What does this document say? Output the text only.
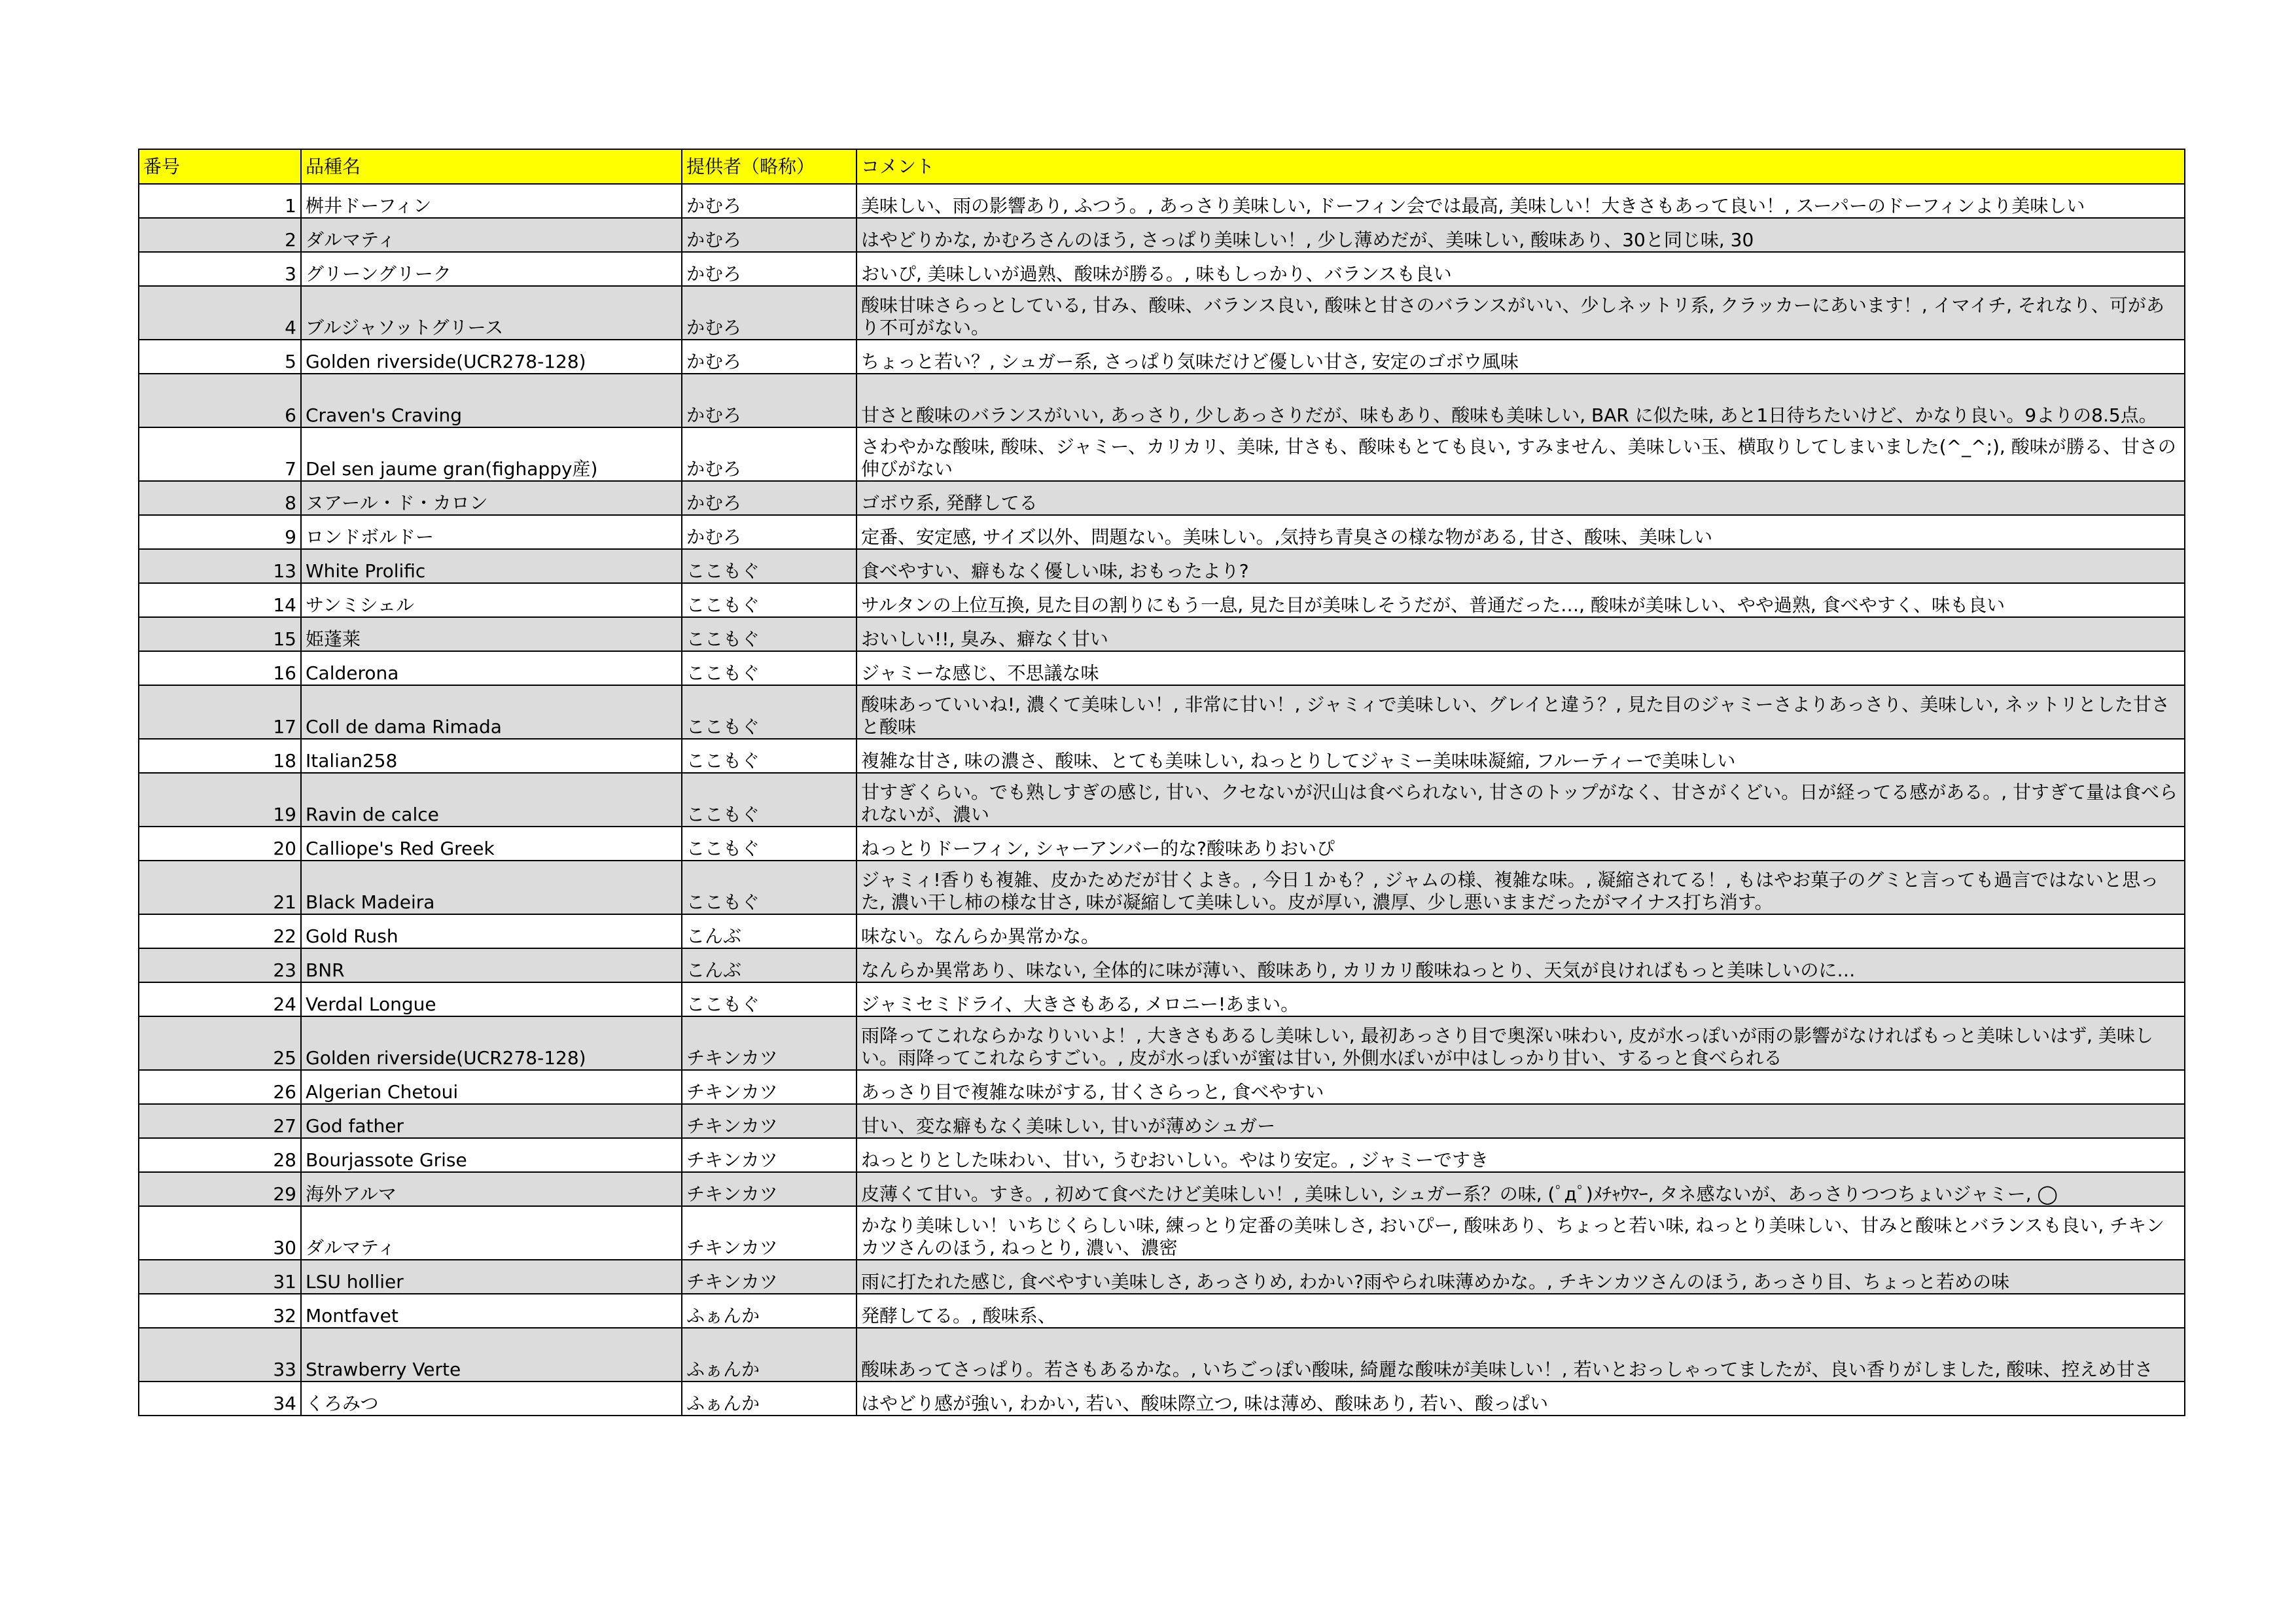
番号	品種名	提供者（略称）	コメント
1	桝井ドーフィン	かむろ	美味しい、雨の影響あり, ふつう。, あっさり美味しい, ドーフィン会では最高, 美味しい！大きさもあって良い！, スーパーのドーフィンより美味しい
2	ダルマティ	かむろ	はやどりかな, かむろさんのほう, さっぱり美味しい！, 少し薄めだが、美味しい, 酸味あり、30と同じ味, 30
3	グリーングリーク	かむろ	おいぴ, 美味しいが過熟、酸味が勝る。, 味もしっかり、バランスも良い
4	ブルジャソットグリース	かむろ	酸味甘味さらっとしている, 甘み、酸味、バランス良い, 酸味と甘さのバランスがいい、少しネットリ系, クラッカーにあいます！, イマイチ, それなり、可があり不可がない。
5	Golden riverside(UCR278-128)	かむろ	ちょっと若い？, シュガー系, さっぱり気味だけど優しい甘さ, 安定のゴボウ風味
6	Craven's Craving	かむろ	甘さと酸味のバランスがいい, あっさり, 少しあっさりだが、味もあり、酸味も美味しい, BAR に似た味, あと1日待ちたいけど、かなり良い。9よりの8.5点。
7	Del sen jaume gran(fighappy産)	かむろ	さわやかな酸味, 酸味、ジャミー、カリカリ、美味, 甘さも、酸味もとても良い, すみません、美味しい玉、横取りしてしまいました(^_^;), 酸味が勝る、甘さの伸びがない
8	ヌアール・ド・カロン	かむろ	ゴボウ系, 発酵してる
9	ロンドボルドー	かむろ	定番、安定感, サイズ以外、問題ない。美味しい。,気持ち青臭さの様な物がある, 甘さ、酸味、美味しい
13	White Prolific	ここもぐ	食べやすい、癖もなく優しい味, おもったより?
14	サンミシェル	ここもぐ	サルタンの上位互換, 見た目の割りにもう一息, 見た目が美味しそうだが、普通だった…, 酸味が美味しい、やや過熟, 食べやすく、味も良い
15	姫蓬莱	ここもぐ	おいしい!!, 臭み、癖なく甘い
16	Calderona	ここもぐ	ジャミーな感じ、不思議な味
17	Coll de dama Rimada	ここもぐ	酸味あっていいね!, 濃くて美味しい！, 非常に甘い！, ジャミィで美味しい、グレイと違う？, 見た目のジャミーさよりあっさり、美味しい, ネットリとした甘さと酸味
18	Italian258	ここもぐ	複雑な甘さ, 味の濃さ、酸味、とても美味しい, ねっとりしてジャミー美味味凝縮, フルーティーで美味しい
19	Ravin de calce	ここもぐ	甘すぎくらい。でも熟しすぎの感じ, 甘い、クセないが沢山は食べられない, 甘さのトップがなく、甘さがくどい。日が経ってる感がある。, 甘すぎて量は食べられないが、濃い
20	Calliope's Red Greek	ここもぐ	ねっとりドーフィン, シャーアンバー的な?酸味ありおいぴ
21	Black Madeira	ここもぐ	ジャミィ!香りも複雑、皮かためだが甘くよき。, 今日１かも？, ジャムの様、複雑な味。, 凝縮されてる！, もはやお菓子のグミと言っても過言ではないと思った, 濃い干し柿の様な甘さ, 味が凝縮して美味しい。皮が厚い, 濃厚、少し悪いままだったがマイナス打ち消す。
22	Gold Rush	こんぶ	味ない。なんらか異常かな。
23	BNR	こんぶ	なんらか異常あり、味ない, 全体的に味が薄い、酸味あり, カリカリ酸味ねっとり、天気が良ければもっと美味しいのに…
24	Verdal Longue	ここもぐ	ジャミセミドライ、大きさもある, メロニー!あまい。
25	Golden riverside(UCR278-128)	チキンカツ	雨降ってこれならかなりいいよ！, 大きさもあるし美味しい, 最初あっさり目で奥深い味わい, 皮が水っぽいが雨の影響がなければもっと美味しいはず, 美味しい。雨降ってこれならすごい。, 皮が水っぽいが蜜は甘い, 外側水ぽいが中はしっかり甘い、するっと食べられる
26	Algerian Chetoui	チキンカツ	あっさり目で複雑な味がする, 甘くさらっと, 食べやすい
27	God father	チキンカツ	甘い、変な癖もなく美味しい, 甘いが薄めシュガー
28	Bourjassote Grise	チキンカツ	ねっとりとした味わい、甘い, うむおいしい。やはり安定。, ジャミーですき
29	海外アルマ	チキンカツ	皮薄くて甘い。すき。, 初めて食べたけど美味しい！, 美味しい, シュガー系？の味, (ﾟдﾟ)ﾒﾁｬｳﾏｰ, タネ感ないが、あっさりつつちょいジャミー, ◯
30	ダルマティ	チキンカツ	かなり美味しい！いちじくらしい味, 練っとり定番の美味しさ, おいぴー, 酸味あり、ちょっと若い味, ねっとり美味しい、甘みと酸味とバランスも良い, チキンカツさんのほう, ねっとり, 濃い、濃密
31	LSU hollier	チキンカツ	雨に打たれた感じ, 食べやすい美味しさ, あっさりめ, わかい?雨やられ味薄めかな。, チキンカツさんのほう, あっさり目、ちょっと若めの味
32	Montfavet	ふぁんか	発酵してる。, 酸味系、
33	Strawberry Verte	ふぁんか	酸味あってさっぱり。若さもあるかな。, いちごっぽい酸味, 綺麗な酸味が美味しい！, 若いとおっしゃってましたが、良い香りがしました, 酸味、控えめ甘さ
34	くろみつ	ふぁんか	はやどり感が強い, わかい, 若い、酸味際立つ, 味は薄め、酸味あり, 若い、酸っぱい
